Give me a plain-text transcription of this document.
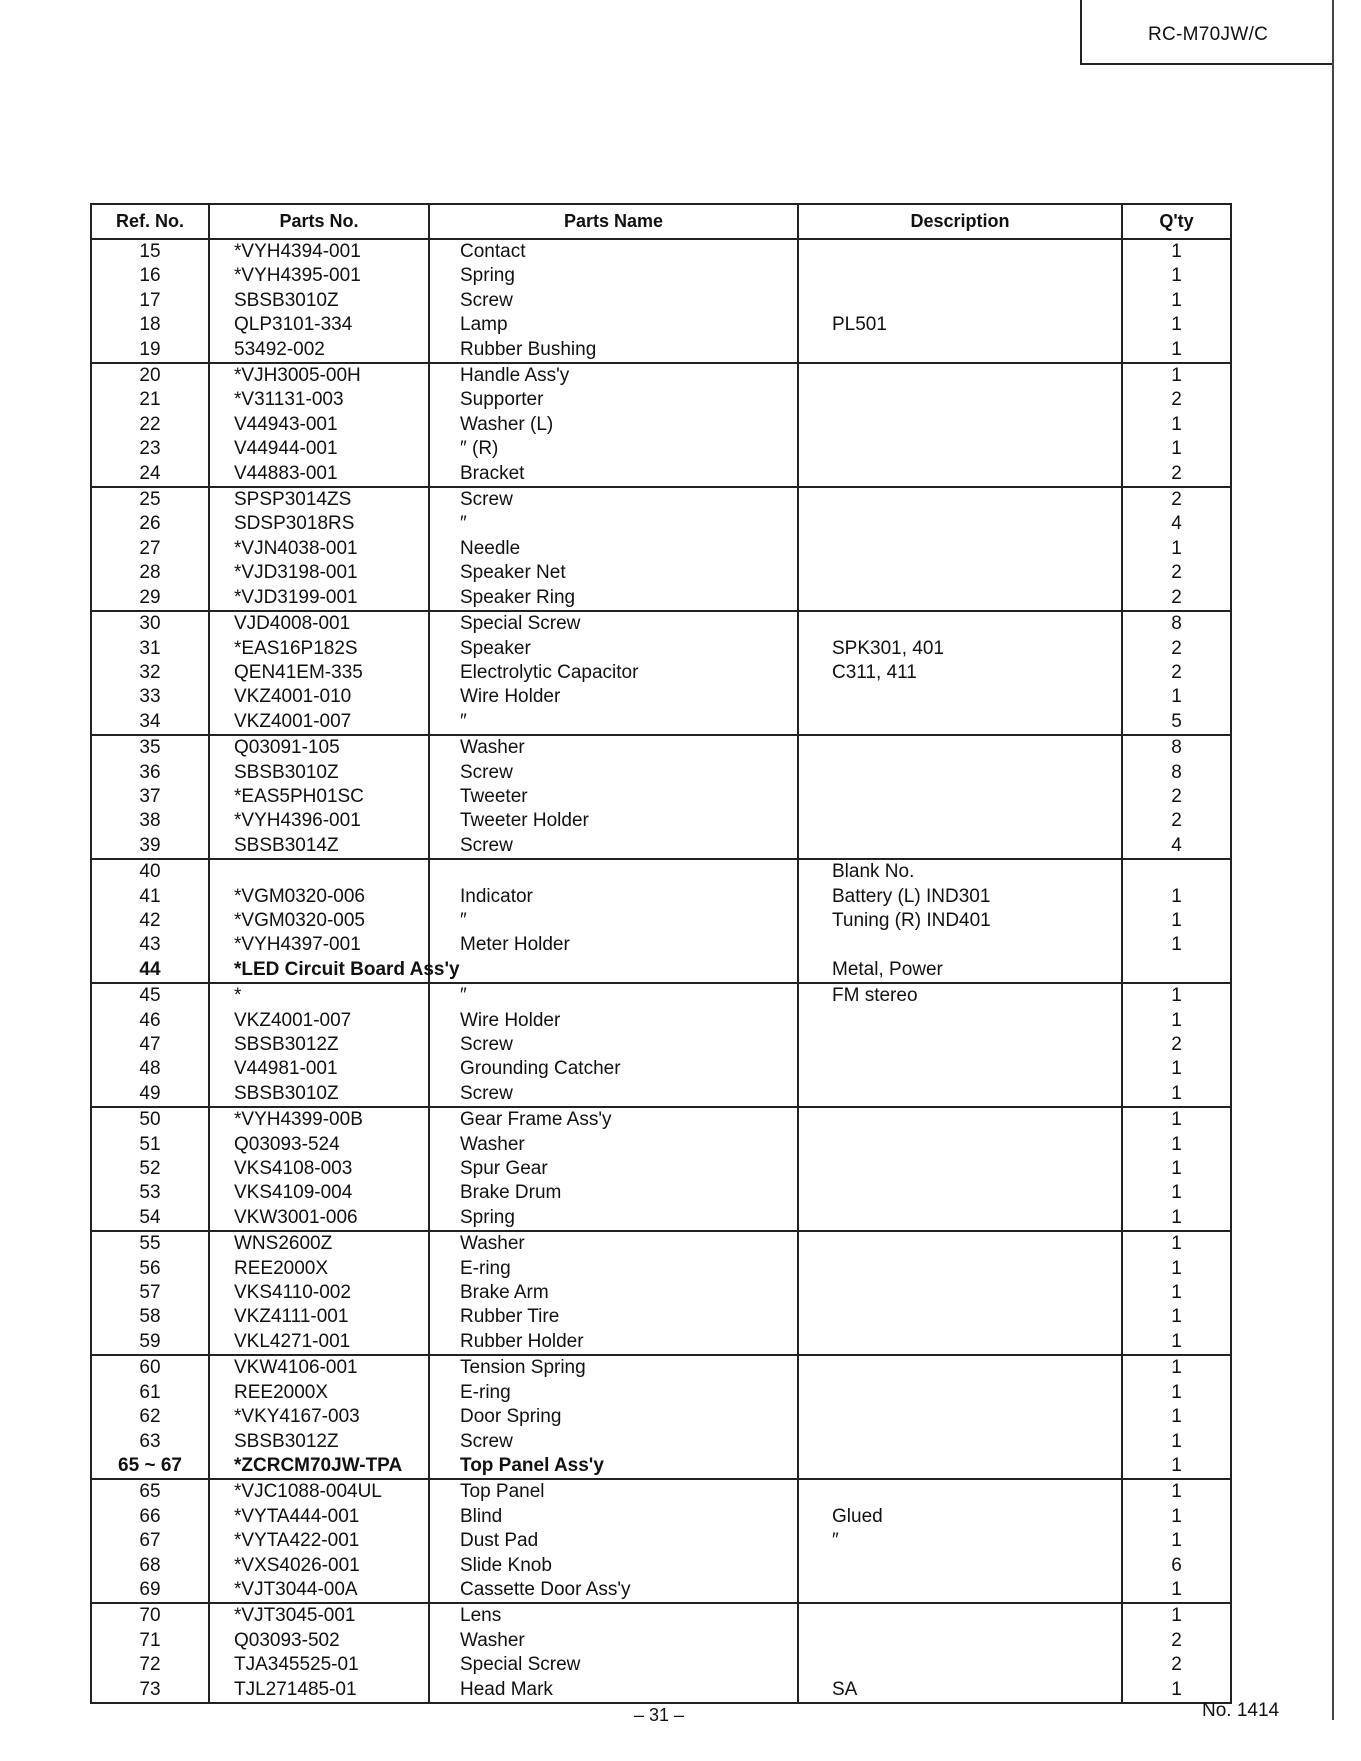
RC-M70JW/C
Ref. No.	Parts No.	Parts Name	Description	Q'ty
15	*VYH4394-001	Contact		1
16	*VYH4395-001	Spring		1
17	SBSB3010Z	Screw		1
18	QLP3101-334	Lamp	PL501	1
19	53492-002	Rubber Bushing		1
20	*VJH3005-00H	Handle Ass'y		1
21	*V31131-003	Supporter		2
22	V44943-001	Washer (L)		1
23	V44944-001	″ (R)		1
24	V44883-001	Bracket		2
25	SPSP3014ZS	Screw		2
26	SDSP3018RS	″		4
27	*VJN4038-001	Needle		1
28	*VJD3198-001	Speaker Net		2
29	*VJD3199-001	Speaker Ring		2
30	VJD4008-001	Special Screw		8
31	*EAS16P182S	Speaker	SPK301, 401	2
32	QEN41EM-335	Electrolytic Capacitor	C311, 411	2
33	VKZ4001-010	Wire Holder		1
34	VKZ4001-007	″		5
35	Q03091-105	Washer		8
36	SBSB3010Z	Screw		8
37	*EAS5PH01SC	Tweeter		2
38	*VYH4396-001	Tweeter Holder		2
39	SBSB3014Z	Screw		4
40			Blank No.	
41	*VGM0320-006	Indicator	Battery (L) IND301	1
42	*VGM0320-005	″	Tuning (R) IND401	1
43	*VYH4397-001	Meter Holder		1
44	*LED Circuit Board Ass'y		Metal, Power	
45	*	″	FM stereo	1
46	VKZ4001-007	Wire Holder		1
47	SBSB3012Z	Screw		2
48	V44981-001	Grounding Catcher		1
49	SBSB3010Z	Screw		1
50	*VYH4399-00B	Gear Frame Ass'y		1
51	Q03093-524	Washer		1
52	VKS4108-003	Spur Gear		1
53	VKS4109-004	Brake Drum		1
54	VKW3001-006	Spring		1
55	WNS2600Z	Washer		1
56	REE2000X	E-ring		1
57	VKS4110-002	Brake Arm		1
58	VKZ4111-001	Rubber Tire		1
59	VKL4271-001	Rubber Holder		1
60	VKW4106-001	Tension Spring		1
61	REE2000X	E-ring		1
62	*VKY4167-003	Door Spring		1
63	SBSB3012Z	Screw		1
65 ~ 67	*ZCRCM70JW-TPA	Top Panel Ass'y		1
65	*VJC1088-004UL	Top Panel		1
66	*VYTA444-001	Blind	Glued	1
67	*VYTA422-001	Dust Pad	″	1
68	*VXS4026-001	Slide Knob		6
69	*VJT3044-00A	Cassette Door Ass'y		1
70	*VJT3045-001	Lens		1
71	Q03093-502	Washer		2
72	TJA345525-01	Special Screw		2
73	TJL271485-01	Head Mark	SA	1
– 31 –	No. 1414
